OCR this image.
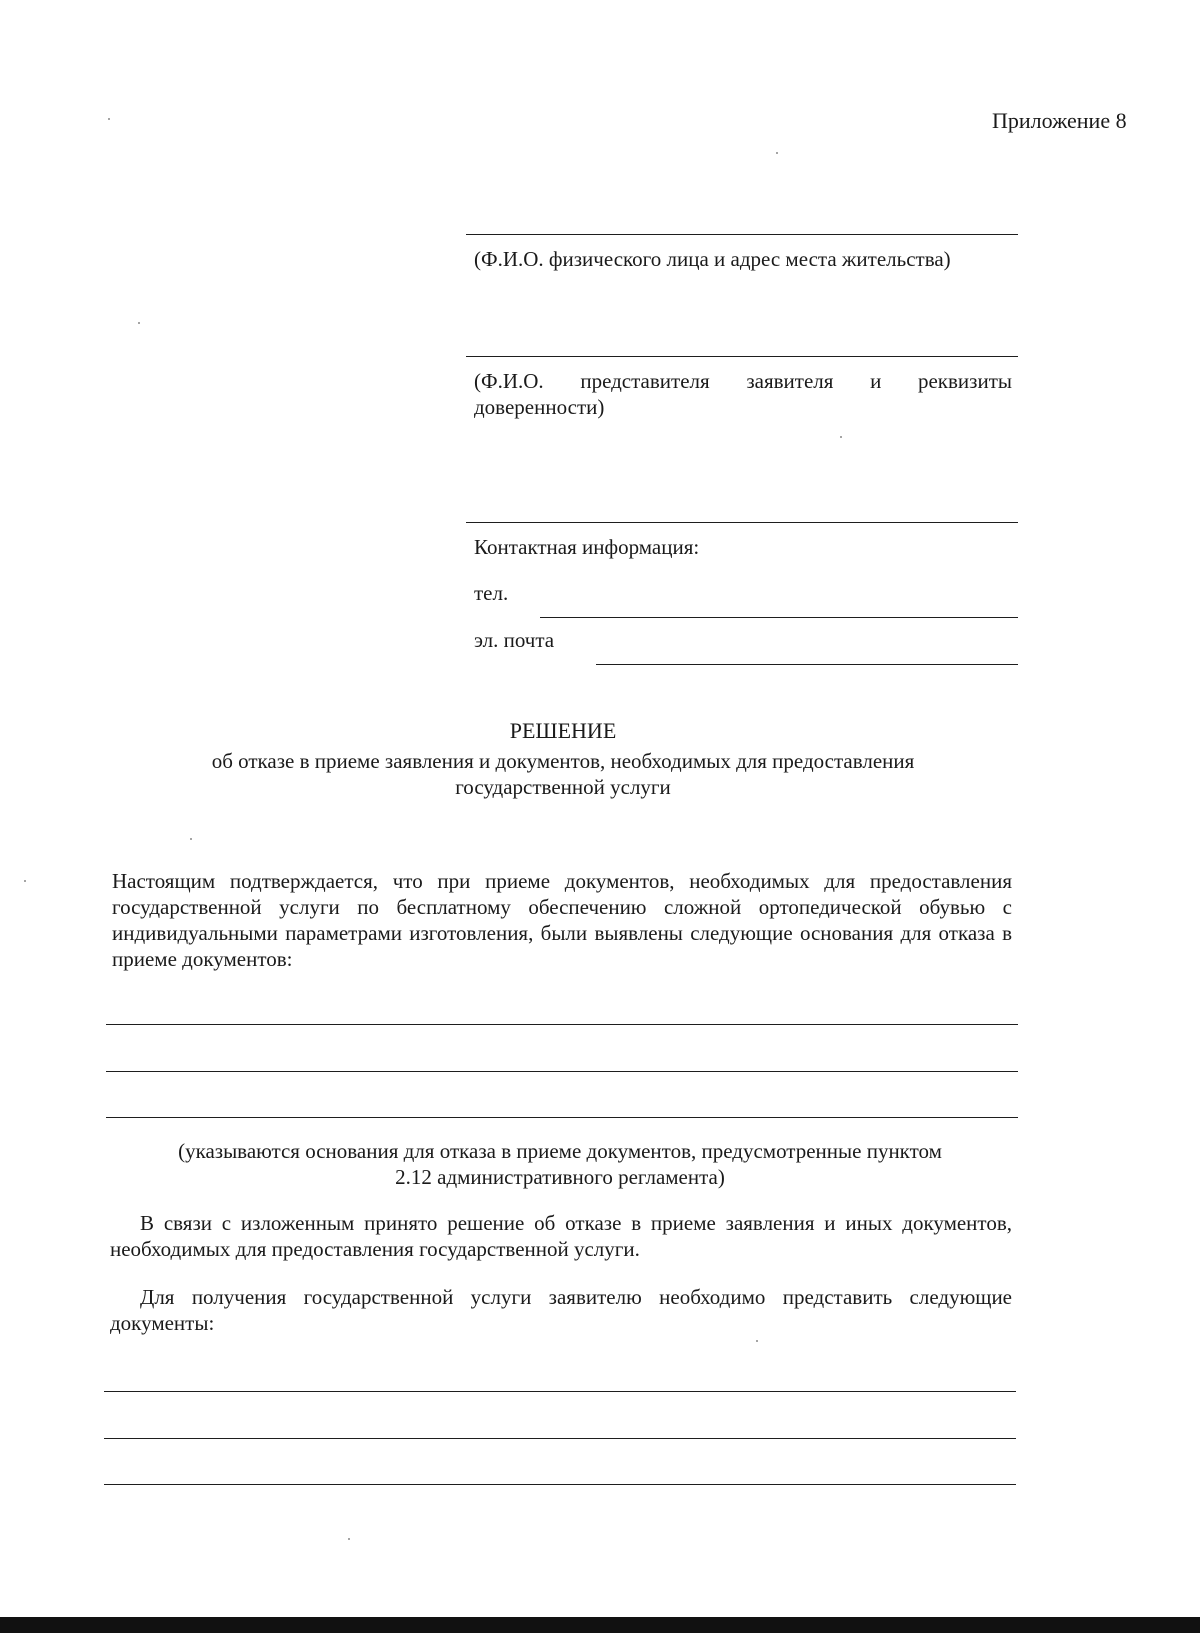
Приложение 8
(Ф.И.О. физического лица и адрес места жительства)
(Ф.И.О. представителя заявителя и реквизиты доверенности)
Контактная информация:
тел.
эл. почта
РЕШЕНИЕ
об отказе в приеме заявления и документов, необходимых для предоставления
государственной услуги
Настоящим подтверждается, что при приеме документов, необходимых для предоставления государственной услуги по бесплатному обеспечению сложной ортопедической обувью с индивидуальными параметрами изготовления, были выявлены следующие основания для отказа в приеме документов:
(указываются основания для отказа в приеме документов, предусмотренные пунктом
2.12 административного регламента)
В связи с изложенным принято решение об отказе в приеме заявления и иных документов, необходимых для предоставления государственной услуги.
Для получения государственной услуги заявителю необходимо представить следующие документы:
